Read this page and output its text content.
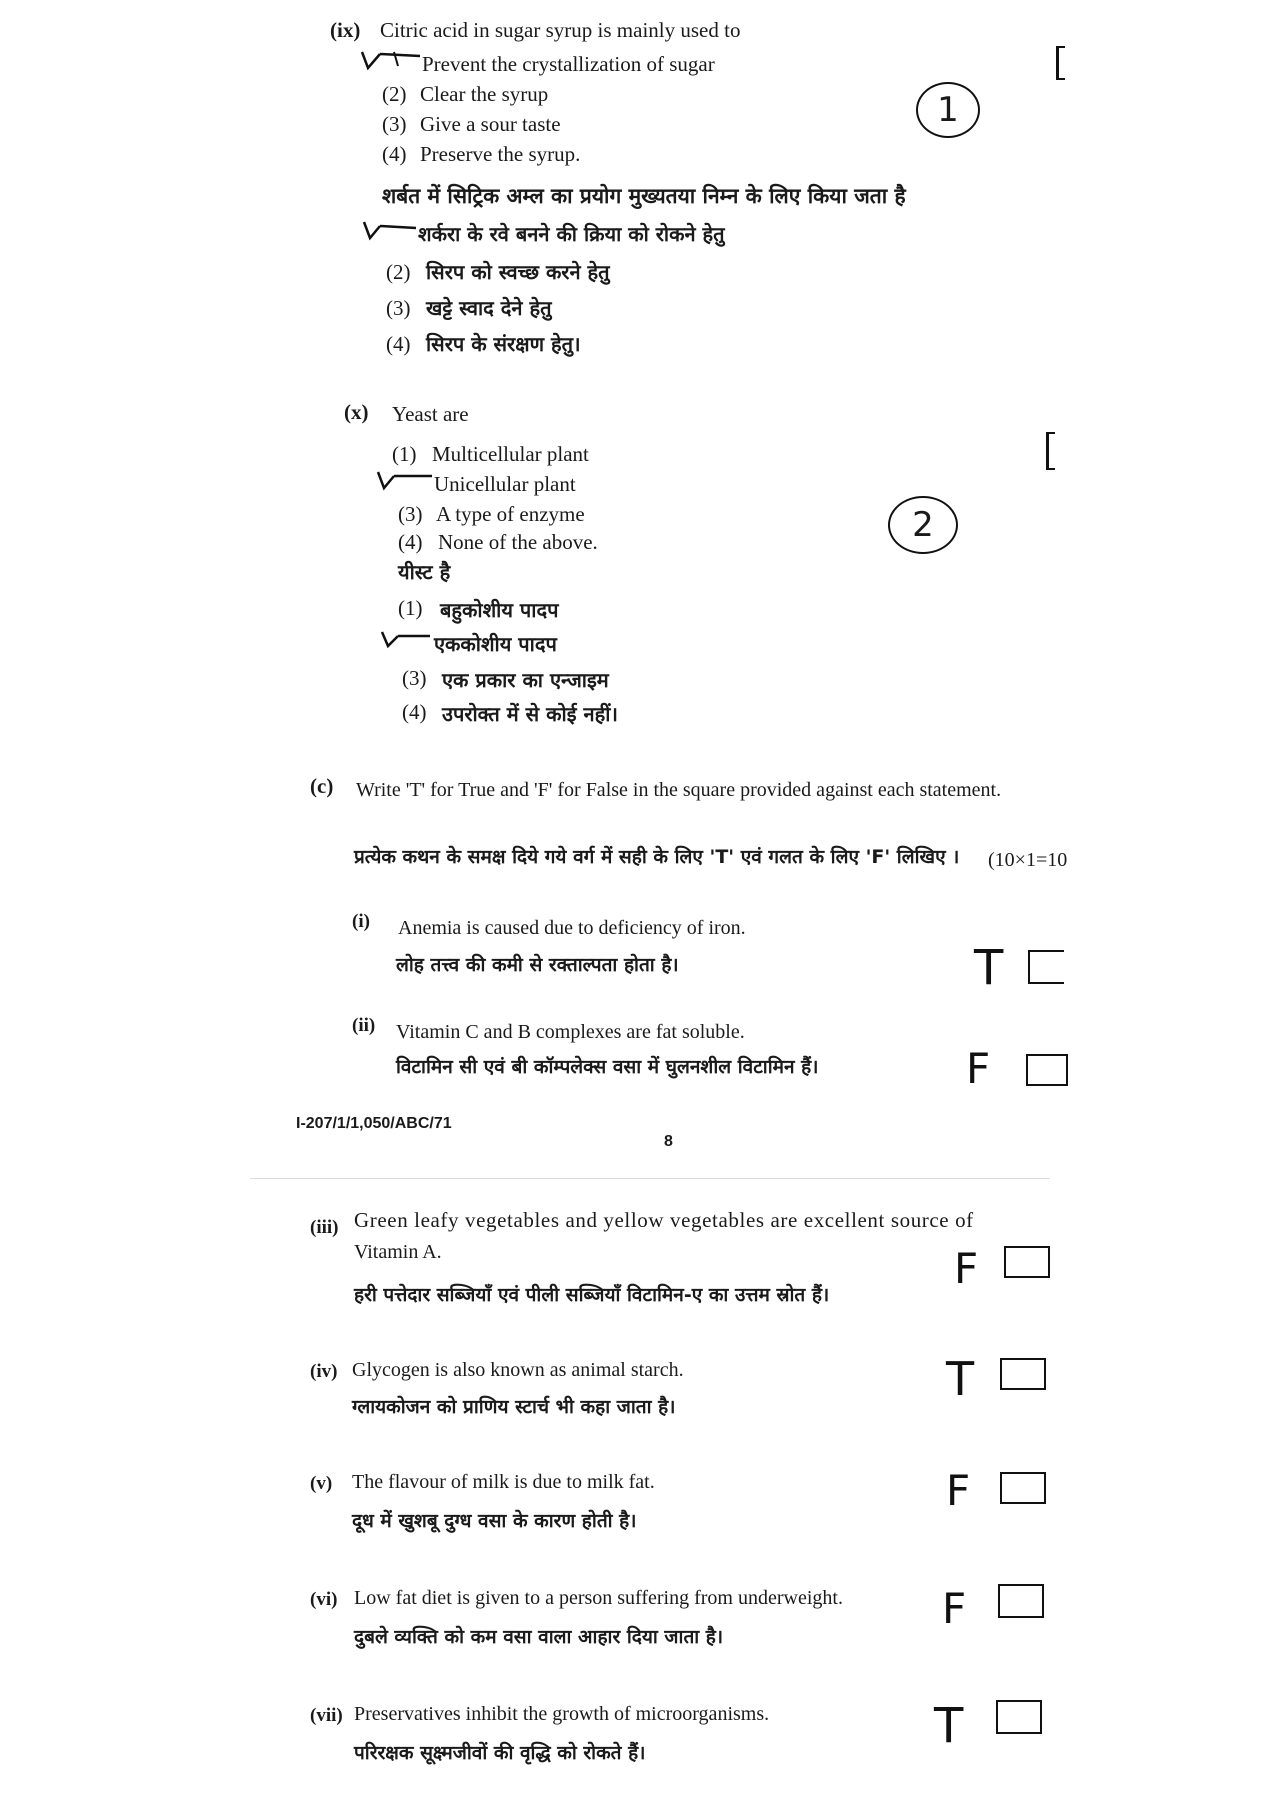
(ix) Citric acid in sugar syrup is mainly used to
Prevent the crystallization of sugar
(2) Clear the syrup
(3) Give a sour taste
(4) Preserve the syrup.
शर्बत में सिट्रिक अम्ल का प्रयोग मुख्यतया निम्न के लिए किया जता है
शर्करा के रवे बनने की क्रिया को रोकने हेतु
(2) सिरप को स्वच्छ करने हेतु
(3) खट्टे स्वाद देने हेतु
(4) सिरप के संरक्षण हेतु।
1
(x) Yeast are
(1) Multicellular plant
Unicellular plant
(3) A type of enzyme
(4) None of the above.
यीस्ट है
(1) बहुकोशीय पादप
एककोशीय पादप
(3) एक प्रकार का एन्जाइम
(4) उपरोक्त में से कोई नहीं।
2
(c) Write 'T' for True and 'F' for False in the square provided against each statement.
(10×1=10
प्रत्येक कथन के समक्ष दिये गये वर्ग में सही के लिए 'T' एवं गलत के लिए 'F' लिखिए ।
(i) Anemia is caused due to deficiency of iron.
लोह तत्त्व की कमी से रक्ताल्पता होता है।	T
(ii) Vitamin C and B complexes are fat soluble.
विटामिन सी एवं बी कॉम्पलेक्स वसा में घुलनशील विटामिन हैं।	F
I-207/1/1,050/ABC/71
8
(iii) Green leafy vegetables and yellow vegetables are excellent source of
Vitamin A.
हरी पत्तेदार सब्जियाँ एवं पीली सब्जियाँ विटामिन-ए का उत्तम स्रोत हैं।
F
(iv) Glycogen is also known as animal starch.
ग्लायकोजन को प्राणिय स्टार्च भी कहा जाता है।
T
(v) The flavour of milk is due to milk fat.
दूध में खुशबू दुग्ध वसा के कारण होती है।
F
(vi) Low fat diet is given to a person suffering from underweight.
दुबले व्यक्ति को कम वसा वाला आहार दिया जाता है।
F
(vii) Preservatives inhibit the growth of microorganisms.
परिरक्षक सूक्ष्मजीवों की वृद्धि को रोकते हैं।	T
